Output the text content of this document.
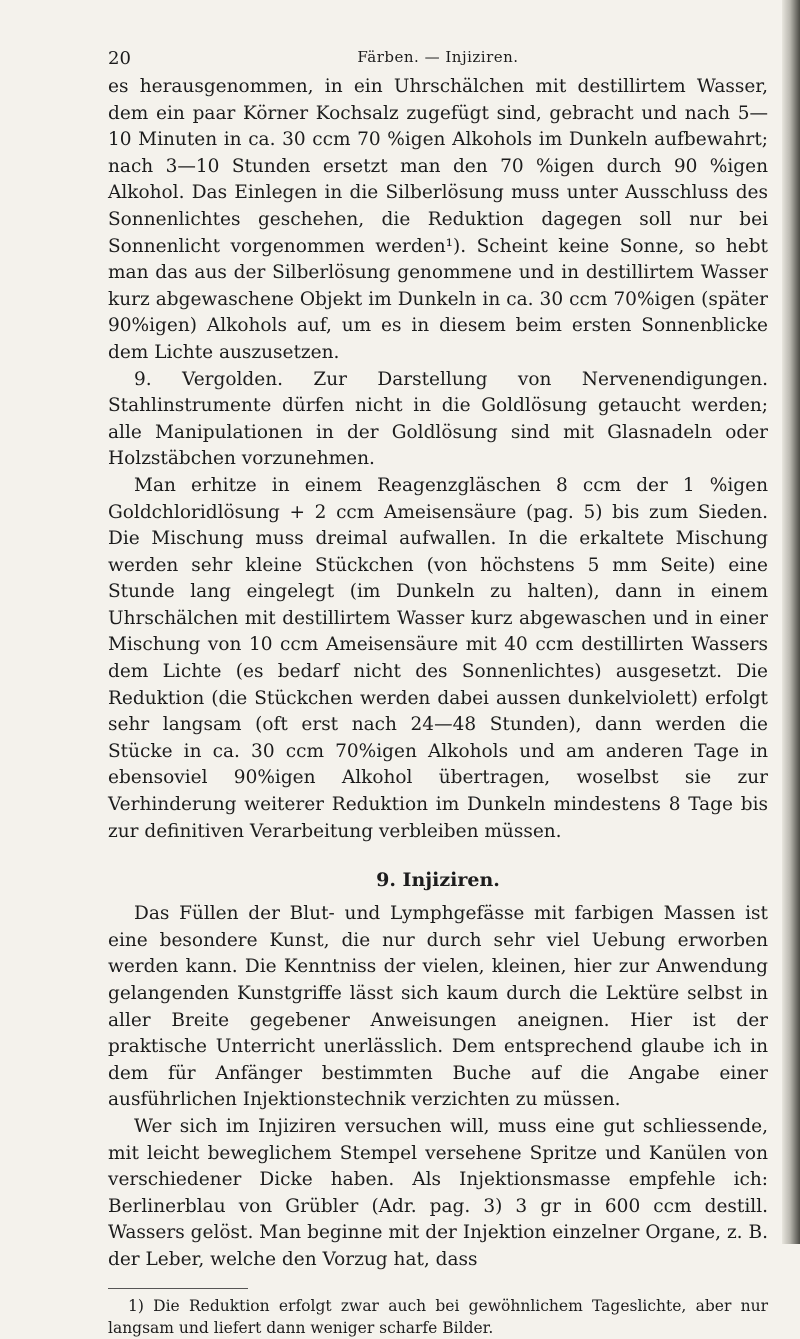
20	Färben. — Injiziren.

es herausgenommen, in ein Uhrschälchen mit destillirtem Wasser, dem ein paar Körner Kochsalz zugefügt sind, gebracht und nach 5—10 Minuten in ca. 30 ccm 70 %igen Alkohols im Dunkeln aufbewahrt; nach 3—10 Stunden ersetzt man den 70 %igen durch 90 %igen Alkohol. Das Einlegen in die Silberlösung muss unter Ausschluss des Sonnenlichtes geschehen, die Reduktion dagegen soll nur bei Sonnenlicht vorgenommen werden¹). Scheint keine Sonne, so hebt man das aus der Silberlösung genommene und in destillirtem Wasser kurz abgewaschene Objekt im Dunkeln in ca. 30 ccm 70%igen (später 90%igen) Alkohols auf, um es in diesem beim ersten Sonnenblicke dem Lichte auszusetzen.

9. Vergolden. Zur Darstellung von Nervenendigungen. Stahlinstrumente dürfen nicht in die Goldlösung getaucht werden; alle Manipulationen in der Goldlösung sind mit Glasnadeln oder Holzstäbchen vorzunehmen.

Man erhitze in einem Reagenzgläschen 8 ccm der 1 %igen Goldchloridlösung + 2 ccm Ameisensäure (pag. 5) bis zum Sieden. Die Mischung muss dreimal aufwallen. In die erkaltete Mischung werden sehr kleine Stückchen (von höchstens 5 mm Seite) eine Stunde lang eingelegt (im Dunkeln zu halten), dann in einem Uhrschälchen mit destillirtem Wasser kurz abgewaschen und in einer Mischung von 10 ccm Ameisensäure mit 40 ccm destillirten Wassers dem Lichte (es bedarf nicht des Sonnenlichtes) ausgesetzt. Die Reduktion (die Stückchen werden dabei aussen dunkelviolett) erfolgt sehr langsam (oft erst nach 24—48 Stunden), dann werden die Stücke in ca. 30 ccm 70%igen Alkohols und am anderen Tage in ebensoviel 90%igen Alkohol übertragen, woselbst sie zur Verhinderung weiterer Reduktion im Dunkeln mindestens 8 Tage bis zur definitiven Verarbeitung verbleiben müssen.

9. Injiziren.

Das Füllen der Blut- und Lymphgefässe mit farbigen Massen ist eine besondere Kunst, die nur durch sehr viel Uebung erworben werden kann. Die Kenntniss der vielen, kleinen, hier zur Anwendung gelangenden Kunstgriffe lässt sich kaum durch die Lektüre selbst in aller Breite gegebener Anweisungen aneignen. Hier ist der praktische Unterricht unerlässlich. Dem entsprechend glaube ich in dem für Anfänger bestimmten Buche auf die Angabe einer ausführlichen Injektionstechnik verzichten zu müssen.

Wer sich im Injiziren versuchen will, muss eine gut schliessende, mit leicht beweglichem Stempel versehene Spritze und Kanülen von verschiedener Dicke haben. Als Injektionsmasse empfehle ich: Berlinerblau von Grübler (Adr. pag. 3) 3 gr in 600 ccm destill. Wassers gelöst. Man beginne mit der Injektion einzelner Organe, z. B. der Leber, welche den Vorzug hat, dass

1) Die Reduktion erfolgt zwar auch bei gewöhnlichem Tageslichte, aber nur langsam und liefert dann weniger scharfe Bilder.
